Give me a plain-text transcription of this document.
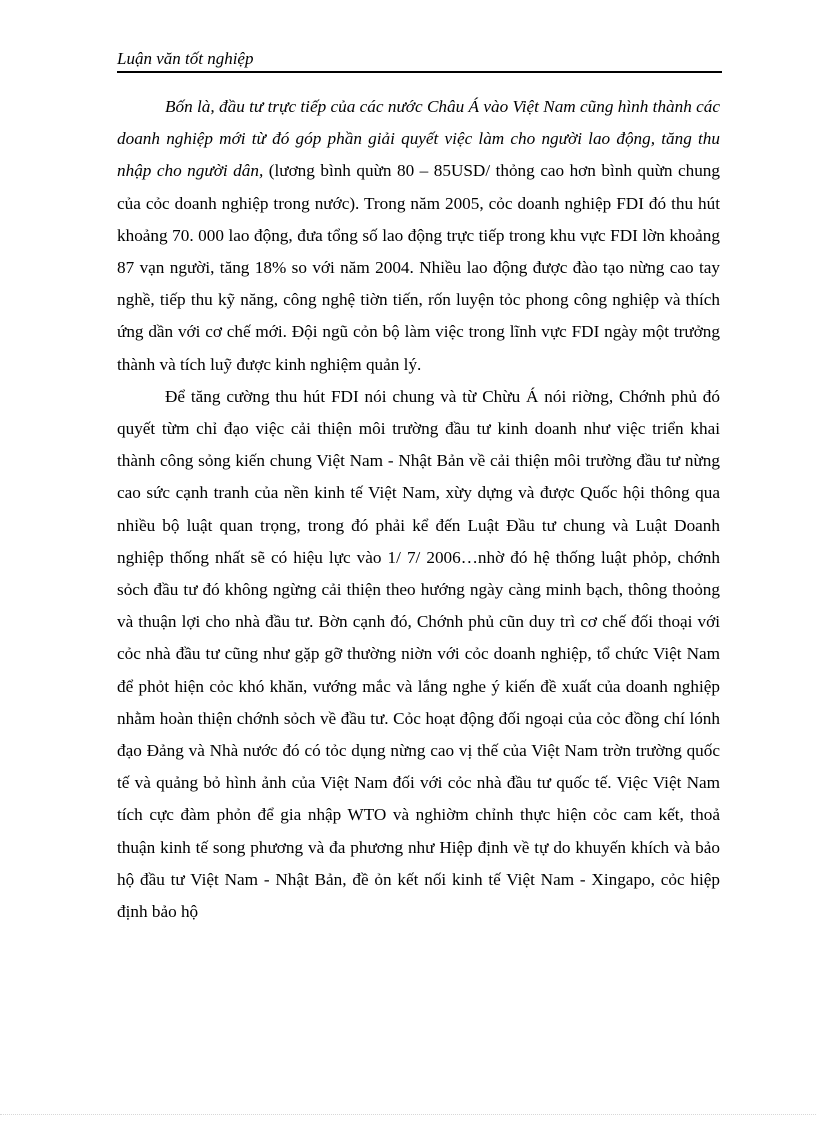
Luận văn tốt nghiệp

Bốn là, đầu tư trực tiếp của các nước Châu Á vào Việt Nam cũng hình thành các doanh nghiệp mới từ đó góp phần giải quyết việc làm cho người lao động, tăng thu nhập cho người dân, (lương bình quừn 80 – 85USD/ thỏng cao hơn bình quừn chung của cỏc doanh nghiệp trong nước). Trong năm 2005, cỏc doanh nghiệp FDI đó thu hút khoảng 70. 000 lao động, đưa tổng số lao động trực tiếp trong khu vực FDI lờn khoảng 87 vạn người, tăng 18% so với năm 2004. Nhiều lao động được đào tạo nừng cao tay nghề, tiếp thu kỹ năng, công nghệ tiờn tiến, rốn luyện tỏc phong công nghiệp và thích ứng dần với cơ chế mới. Đội ngũ cỏn bộ làm việc trong lĩnh vực FDI ngày một trưởng thành và tích luỹ được kinh nghiệm quản lý.

Để tăng cường thu hút FDI nói chung và từ Chừu Á nói riờng, Chớnh phủ đó quyết từm chỉ đạo việc cải thiện môi trường đầu tư kinh doanh như việc triển khai thành công sỏng kiến chung Việt Nam - Nhật Bản về cải thiện môi trường đầu tư nừng cao sức cạnh tranh của nền kinh tế Việt Nam, xừy dựng và được Quốc hội thông qua nhiều bộ luật quan trọng, trong đó phải kể đến Luật Đầu tư chung và Luật Doanh nghiệp thống nhất sẽ có hiệu lực vào 1/ 7/ 2006…nhờ đó hệ thống luật phỏp, chớnh sỏch đầu tư đó không ngừng cải thiện theo hướng ngày càng minh bạch, thông thoỏng và thuận lợi cho nhà đầu tư. Bờn cạnh đó, Chớnh phủ cũn duy trì cơ chế đối thoại với cỏc nhà đầu tư cũng như gặp gỡ thường niờn với cỏc doanh nghiệp, tổ chức Việt Nam để phỏt hiện cỏc khó khăn, vướng mắc và lắng nghe ý kiến đề xuất của doanh nghiệp nhằm hoàn thiện chớnh sỏch về đầu tư. Cỏc hoạt động đối ngoại của cỏc đồng chí lónh đạo Đảng và Nhà nước đó có tỏc dụng nừng cao vị thế của Việt Nam trờn trường quốc tế và quảng bỏ hình ảnh của Việt Nam đối với cỏc nhà đầu tư quốc tế. Việc Việt Nam tích cực đàm phỏn để gia nhập WTO và nghiờm chỉnh thực hiện cỏc cam kết, thoả thuận kinh tế song phương và đa phương như Hiệp định về tự do khuyến khích và bảo hộ đầu tư Việt Nam - Nhật Bản, đề ỏn kết nối kinh tế Việt Nam - Xingapo, cỏc hiệp định bảo hộ
